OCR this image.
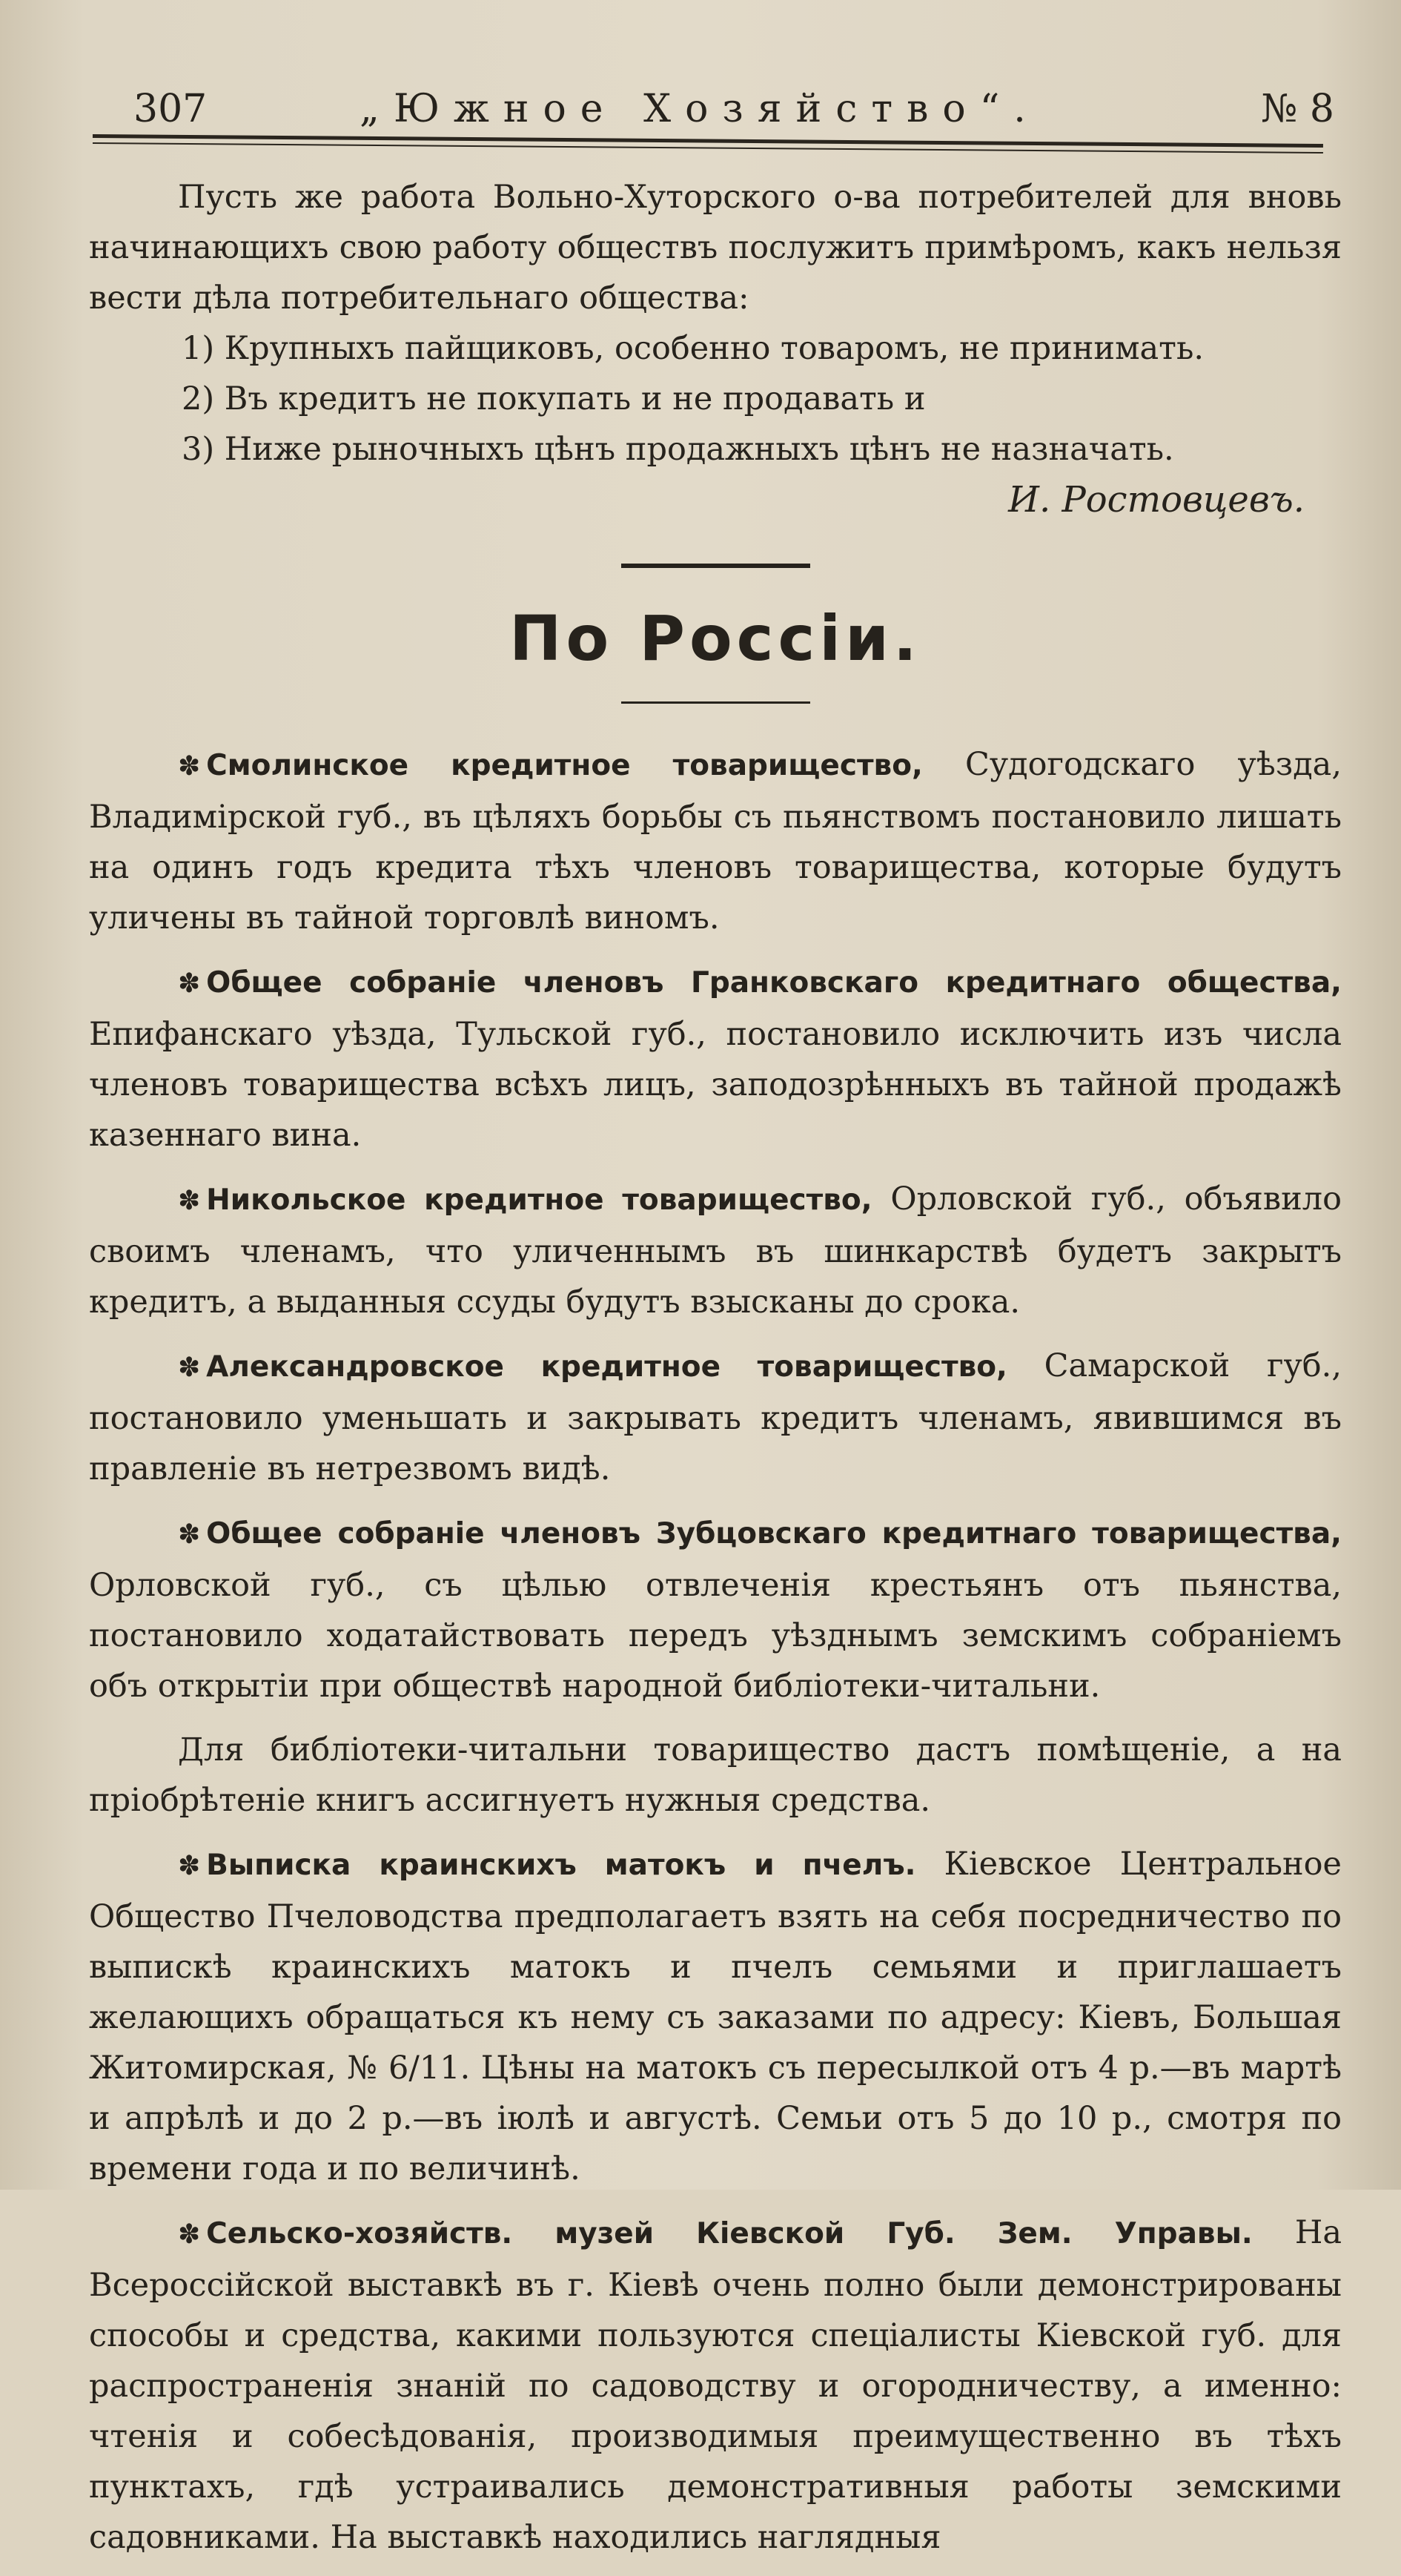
307	„Южное Хозяйство“.	№ 8

Пусть же работа Вольно-Хуторского о-ва потребителей для вновь начинающихъ свою работу обществъ послужитъ примѣромъ, какъ нельзя вести дѣла потребительнаго общества:

1) Крупныхъ пайщиковъ, особенно товаромъ, не принимать.
2) Въ кредитъ не покупать и не продавать и
3) Ниже рыночныхъ цѣнъ продажныхъ цѣнъ не назначать.

И. Ростовцевъ.

По Россiи.

✽ Смолинское кредитное товарищество, Судогодскаго уѣзда, Владимірской губ., въ цѣляхъ борьбы съ пьянствомъ постановило лишать на одинъ годъ кредита тѣхъ членовъ товарищества, которые будутъ уличены въ тайной торговлѣ виномъ.

✽ Общее собраніе членовъ Гранковскаго кредитнаго общества, Епифанскаго уѣзда, Тульской губ., постановило исключить изъ числа членовъ товарищества всѣхъ лицъ, заподозрѣнныхъ въ тайной продажѣ казеннаго вина.

✽ Никольское кредитное товарищество, Орловской губ., объявило своимъ членамъ, что уличеннымъ въ шинкарствѣ будетъ закрытъ кредитъ, а выданныя ссуды будутъ взысканы до срока.

✽ Александровское кредитное товарищество, Самарской губ., постановило уменьшать и закрывать кредитъ членамъ, явившимся въ правленіе въ нетрезвомъ видѣ.

✽ Общее собраніе членовъ Зубцовскаго кредитнаго товарищества, Орловской губ., съ цѣлью отвлеченія крестьянъ отъ пьянства, постановило ходатайствовать передъ уѣзднымъ земскимъ собраніемъ объ открытіи при обществѣ народной библіотеки-читальни.

Для библіотеки-читальни товарищество дастъ помѣщеніе, а на пріобрѣтеніе книгъ ассигнуетъ нужныя средства.

✽ Выписка краинскихъ матокъ и пчелъ. Кіевское Центральное Общество Пчеловодства предполагаетъ взять на себя посредничество по выпискѣ краинскихъ матокъ и пчелъ семьями и приглашаетъ желающихъ обращаться къ нему съ заказами по адресу: Кіевъ, Большая Житомирская, № 6/11. Цѣны на матокъ съ пересылкой отъ 4 р.—въ мартѣ и апрѣлѣ и до 2 р.—въ іюлѣ и августѣ. Семьи отъ 5 до 10 р., смотря по времени года и по величинѣ.

✽ Сельско-хозяйств. музей Кіевской Губ. Зем. Управы. На Всероссійской выставкѣ въ г. Кіевѣ очень полно были демонстрированы способы и средства, какими пользуются спеціалисты Кіевской губ. для распространенія знаній по садоводству и огородничеству, а именно: чтенія и собесѣдованія, производимыя преимущественно въ тѣхъ пунктахъ, гдѣ устраивались демонстративныя работы земскими садовниками. На выставкѣ находились наглядныя
